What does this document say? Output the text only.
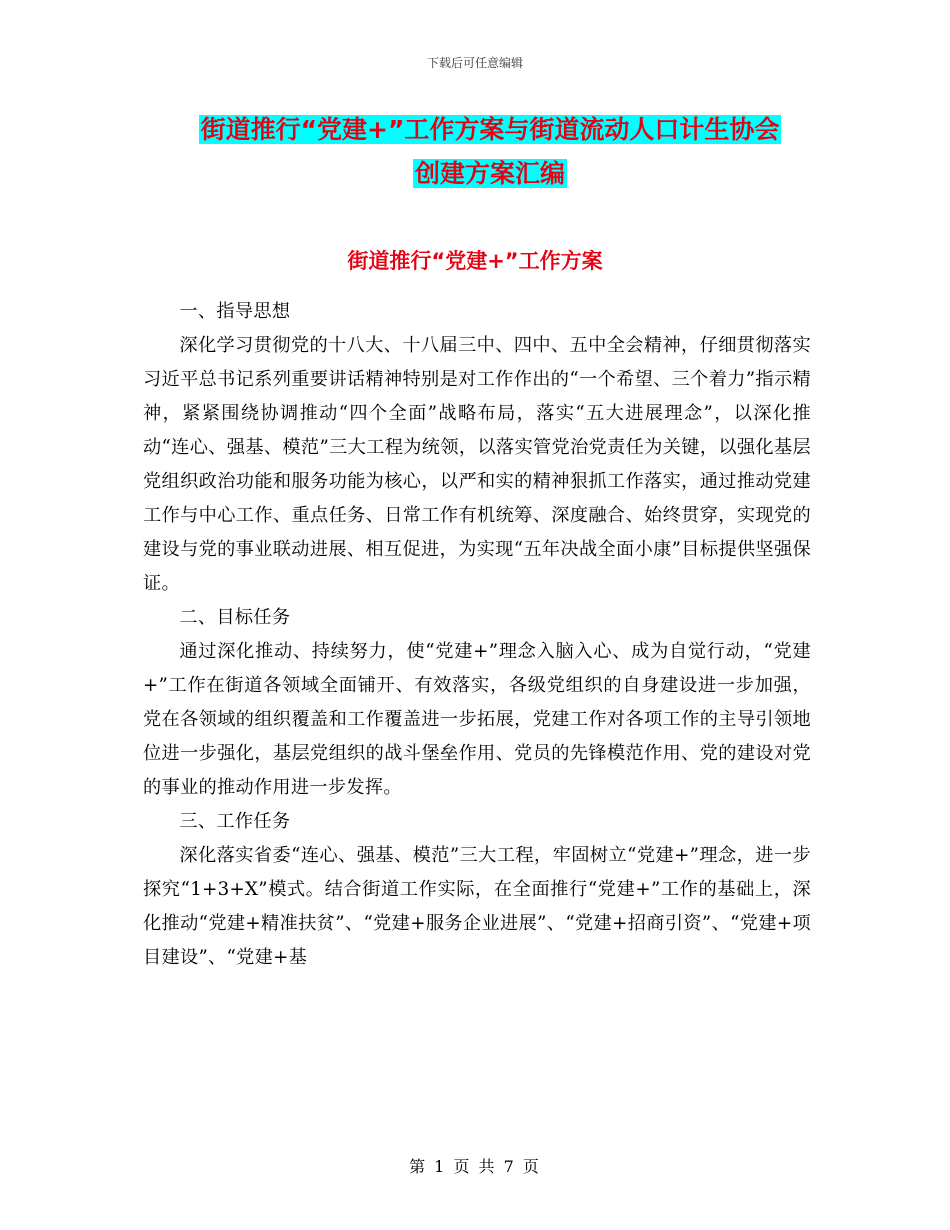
下载后可任意编辑
街道推行“党建+”工作方案与街道流动人口计生协会
创建方案汇编
街道推行“党建+”工作方案

一、指导思想

深化学习贯彻党的十八大、十八届三中、四中、五中全会精神，仔细贯彻落实习近平总书记系列重要讲话精神特别是对工作作出的“一个希望、三个着力”指示精神，紧紧围绕协调推动“四个全面”战略布局，落实“五大进展理念”，以深化推动“连心、强基、模范”三大工程为统领，以落实管党治党责任为关键，以强化基层党组织政治功能和服务功能为核心，以严和实的精神狠抓工作落实，通过推动党建工作与中心工作、重点任务、日常工作有机统筹、深度融合、始终贯穿，实现党的建设与党的事业联动进展、相互促进，为实现“五年决战全面小康”目标提供坚强保证。

二、目标任务

通过深化推动、持续努力，使“党建+”理念入脑入心、成为自觉行动，“党建+”工作在街道各领域全面铺开、有效落实，各级党组织的自身建设进一步加强，党在各领域的组织覆盖和工作覆盖进一步拓展，党建工作对各项工作的主导引领地位进一步强化，基层党组织的战斗堡垒作用、党员的先锋模范作用、党的建设对党的事业的推动作用进一步发挥。

三、工作任务

深化落实省委“连心、强基、模范”三大工程，牢固树立“党建+”理念，进一步探究“1+3+X”模式。结合街道工作实际，在全面推行“党建+”工作的基础上，深化推动“党建+精准扶贫”、“党建+服务企业进展”、“党建+招商引资”、“党建+项目建设”、“党建+基

第 1 页 共 7 页
